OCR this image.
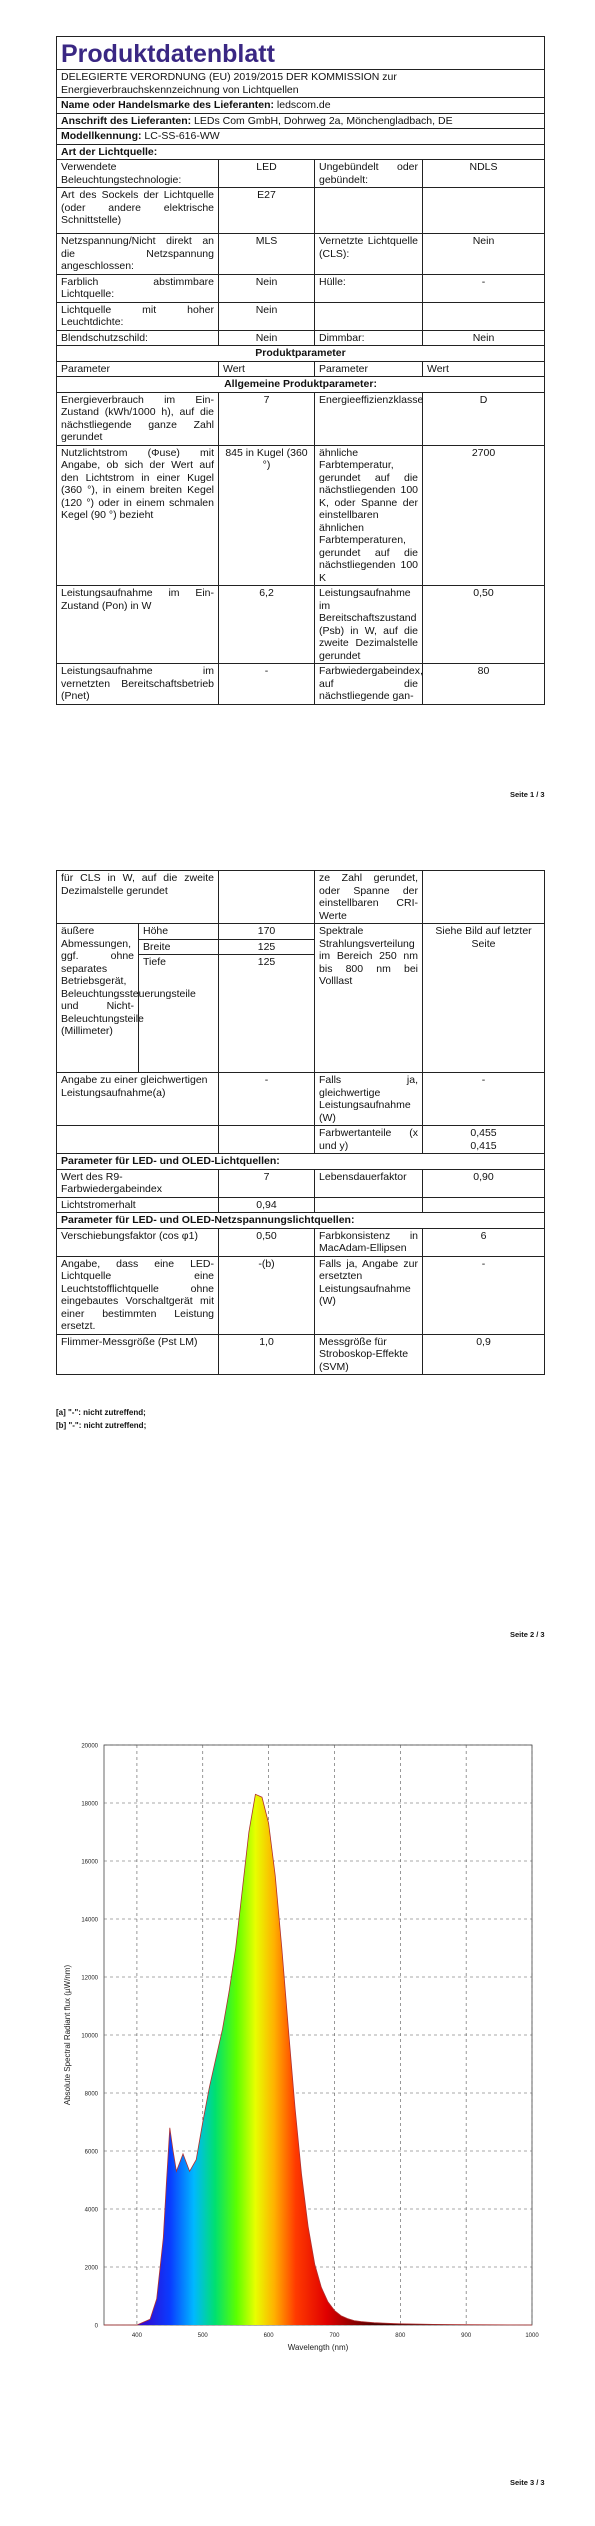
Produktdatenblatt			
DELEGIERTE VERORDNUNG (EU) 2019/2015 DER KOMMISSION zur Energieverbrauchskennzeichnung von Lichtquellen			
Name oder Handelsmarke des Lieferanten: ledscom.de			
Anschrift des Lieferanten: LEDs Com GmbH, Dohrweg 2a, Mönchengladbach, DE			
Modellkennung: LC-SS-616-WW			
Art der Lichtquelle:			
Verwendete Beleuchtungstechnologie:	LED	Ungebündelt oder gebündelt:	NDLS
Art des Sockels der Lichtquelle (oder andere elektrische Schnittstelle)	E27		
Netzspannung/Nicht direkt an die Netzspannung angeschlossen:	MLS	Vernetzte Lichtquelle (CLS):	Nein
Farblich abstimmbare Lichtquelle:	Nein	Hülle:	-
Lichtquelle mit hoher Leuchtdichte:	Nein		
Blendschutzschild:	Nein	Dimmbar:	Nein
Produktparameter			
Parameter	Wert	Parameter	Wert
Allgemeine Produktparameter:			
Energieverbrauch im Ein-Zustand (kWh/1000 h), auf die nächstliegende ganze Zahl gerundet	7	Energieeffizienzklasse	D
Nutzlichtstrom (Φuse) mit Angabe, ob sich der Wert auf den Lichtstrom in einer Kugel (360 °), in einem breiten Kegel (120 °) oder in einem schmalen Kegel (90 °) bezieht	845 in Kugel (360 °)	ähnliche Farbtemperatur, gerundet auf die nächstliegenden 100 K, oder Spanne der einstellbaren ähnlichen Farbtemperaturen, gerundet auf die nächstliegenden 100 K	2700
Leistungsaufnahme im Ein-Zustand (Pon) in W	6,2	Leistungsaufnahme im Bereitschaftszustand (Psb) in W, auf die zweite Dezimalstelle gerundet	0,50
Leistungsaufnahme im vernetzten Bereitschaftsbetrieb (Pnet)	-	Farbwiedergabeindex, auf die nächstliegende gan-	80
Seite 1 / 3
für CLS in W, auf die zweite Dezimalstelle gerundet			ze Zahl gerundet, oder Spanne der einstellbaren CRI-Werte	
äußere Abmessungen, ggf. ohne separates Betriebsgerät, Beleuchtungssteuerungsteile und Nicht-Beleuchtungsteile (Millimeter)	Höhe	170	Spektrale Strahlungsverteilung im Bereich 250 nm bis 800 nm bei Volllast	Siehe Bild auf letzter Seite
	Breite	125		
	Tiefe	125		
Angabe zu einer gleichwertigen Leistungsaufnahme(a)		-	Falls ja, gleichwertige Leistungsaufnahme (W)	-
			Farbwertanteile (x und y)	0,455
0,415

Parameter für LED- und OLED-Lichtquellen:				
Wert des R9-Farbwiedergabeindex		7	Lebensdauerfaktor	0,90
Lichtstromerhalt		0,94		
Parameter für LED- und OLED-Netzspannungslichtquellen:				
Verschiebungsfaktor (cos φ1)		0,50	Farbkonsistenz in MacAdam-Ellipsen	6
Angabe, dass eine LED-Lichtquelle eine Leuchtstofflichtquelle ohne eingebautes Vorschaltgerät mit einer bestimmten Leistung ersetzt.		-(b)	Falls ja, Angabe zur ersetzten Leistungsaufnahme (W)	-
Flimmer-Messgröße (Pst LM)		1,0	Messgröße für Stroboskop-Effekte (SVM)	0,9
[a] "-": nicht zutreffend;
[b] "-": nicht zutreffend;
Seite 2 / 3
0
2000
4000
6000
8000
10000
12000
14000
16000
18000
20000
400	500	600	700	800	900	1000
Absolute Spectral Radiant flux (µW/nm)
Wavelength (nm)
Seite 3 / 3
